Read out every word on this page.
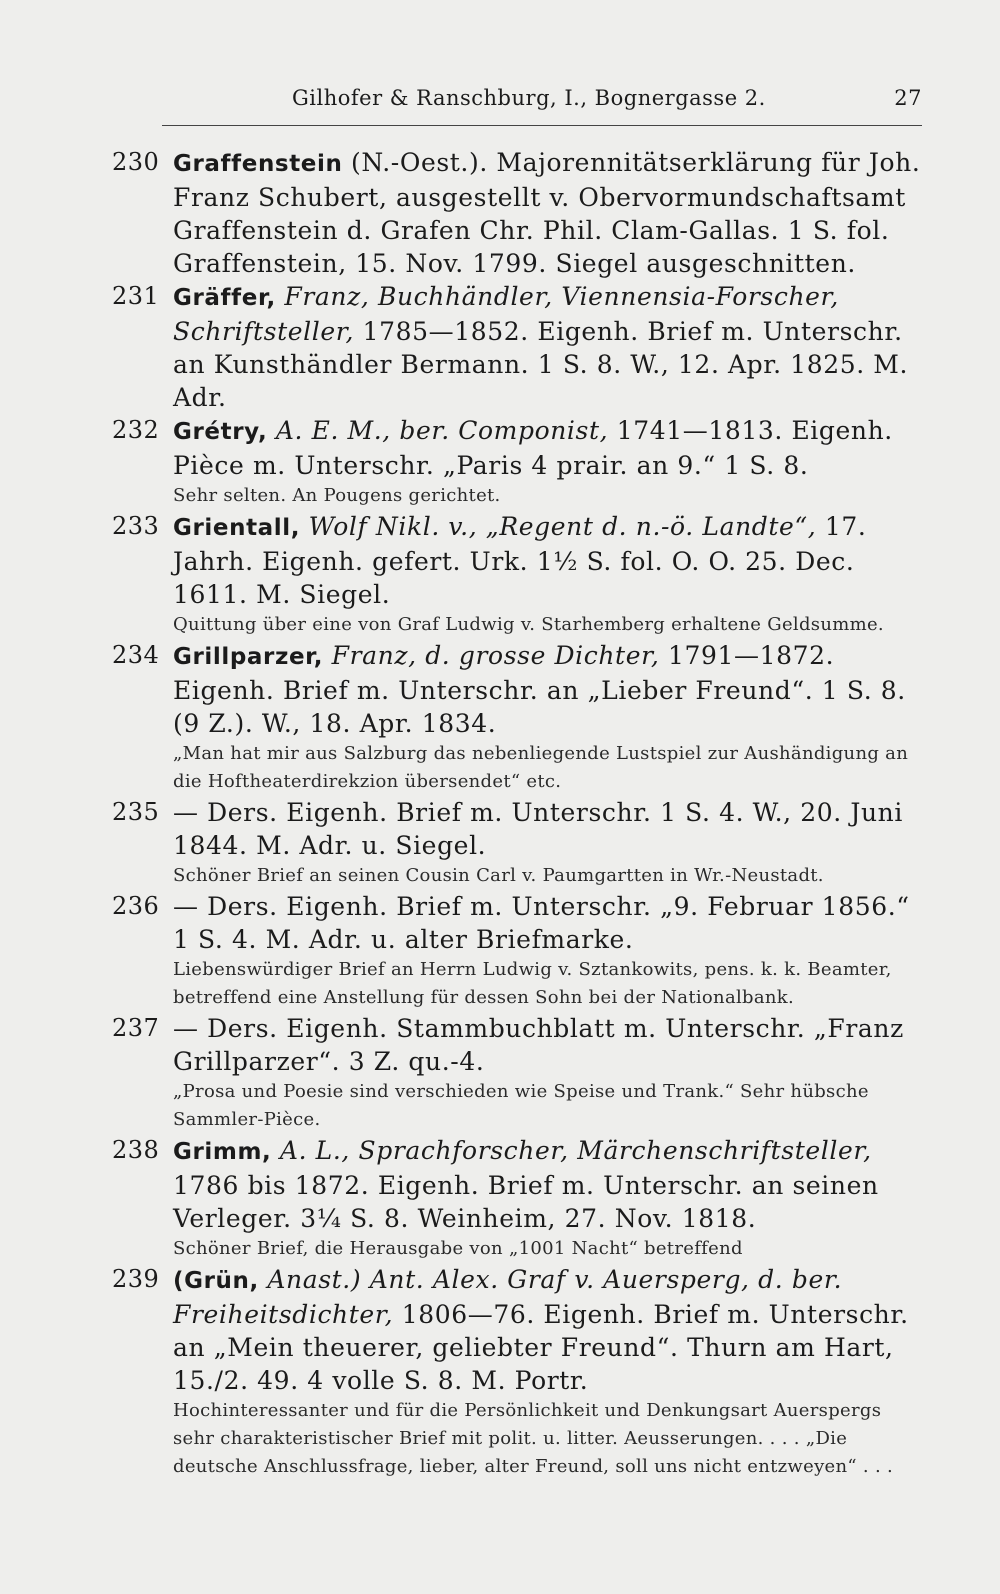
Gilhofer & Ranschburg, I., Bognergasse 2.	27
230 Graffenstein (N.-Oest.). Majorennitätserklärung für Joh. Franz Schubert, ausgestellt v. Obervormundschaftsamt Graffenstein d. Grafen Chr. Phil. Clam-Gallas. 1 S. fol. Graffenstein, 15. Nov. 1799. Siegel ausgeschnitten.
231 Gräffer, Franz, Buchhändler, Viennensia-Forscher, Schriftsteller, 1785—1852. Eigenh. Brief m. Unterschr. an Kunsthändler Bermann. 1 S. 8. W., 12. Apr. 1825. M. Adr.
232 Grétry, A. E. M., ber. Componist, 1741—1813. Eigenh. Pièce m. Unterschr. „Paris 4 prair. an 9.“ 1 S. 8.
Sehr selten. An Pougens gerichtet.
233 Grientall, Wolf Nikl. v., „Regent d. n.-ö. Landte“, 17. Jahrh. Eigenh. gefert. Urk. 1½ S. fol. O. O. 25. Dec. 1611. M. Siegel.
Quittung über eine von Graf Ludwig v. Starhemberg erhaltene Geldsumme.
234 Grillparzer, Franz, d. grosse Dichter, 1791—1872. Eigenh. Brief m. Unterschr. an „Lieber Freund“. 1 S. 8. (9 Z.). W., 18. Apr. 1834.
„Man hat mir aus Salzburg das nebenliegende Lustspiel zur Aushändigung an die Hoftheaterdirekzion übersendet“ etc.
235 — Ders. Eigenh. Brief m. Unterschr. 1 S. 4. W., 20. Juni 1844. M. Adr. u. Siegel.
Schöner Brief an seinen Cousin Carl v. Paumgartten in Wr.-Neustadt.
236 — Ders. Eigenh. Brief m. Unterschr. „9. Februar 1856.“ 1 S. 4. M. Adr. u. alter Briefmarke.
Liebenswürdiger Brief an Herrn Ludwig v. Sztankowits, pens. k. k. Beamter, betreffend eine Anstellung für dessen Sohn bei der Nationalbank.
237 — Ders. Eigenh. Stammbuchblatt m. Unterschr. „Franz Grillparzer“. 3 Z. qu.-4.
„Prosa und Poesie sind verschieden wie Speise und Trank.“ Sehr hübsche Sammler-Pièce.
238 Grimm, A. L., Sprachforscher, Märchenschriftsteller, 1786 bis 1872. Eigenh. Brief m. Unterschr. an seinen Verleger. 3¼ S. 8. Weinheim, 27. Nov. 1818.
Schöner Brief, die Herausgabe von „1001 Nacht“ betreffend
239 (Grün, Anast.) Ant. Alex. Graf v. Auersperg, d. ber. Freiheitsdichter, 1806—76. Eigenh. Brief m. Unterschr. an „Mein theuerer, geliebter Freund“. Thurn am Hart, 15./2. 49. 4 volle S. 8. M. Portr.
Hochinteressanter und für die Persönlichkeit und Denkungsart Auerspergs sehr charakteristischer Brief mit polit. u. litter. Aeusserungen. . . . „Die deutsche Anschlussfrage, lieber, alter Freund, soll uns nicht entzweyen“ . . .
